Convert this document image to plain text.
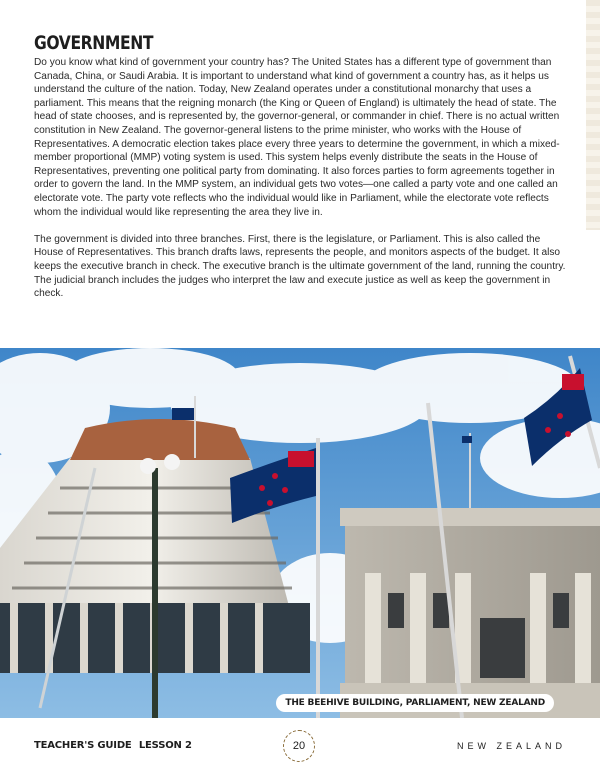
GOVERNMENT

Do you know what kind of government your country has? The United States has a different type of government than Canada, China, or Saudi Arabia. It is important to understand what kind of government a country has, as it helps us understand the culture of the nation. Today, New Zealand operates under a constitutional monarchy that uses a parliament. This means that the reigning monarch (the King or Queen of England) is ultimately the head of state. The head of state chooses, and is represented by, the governor-general, or commander in chief. There is no actual written constitution in New Zealand. The governor-general listens to the prime minister, who works with the House of Representatives. A democratic election takes place every three years to determine the government, in which a mixed-member proportional (MMP) voting system is used. This system helps evenly distribute the seats in the House of Representatives, preventing one political party from dominating. It also forces parties to form agreements together in order to govern the land. In the MMP system, an individual gets two votes—one called a party vote and one called an electorate vote. The party vote reflects who the individual would like in Parliament, while the electorate vote reflects whom the individual would like representing the area they live in.

The government is divided into three branches. First, there is the legislature, or Parliament. This is also called the House of Representatives. This branch drafts laws, represents the people, and monitors aspects of the budget. It also keeps the executive branch in check. The executive branch is the ultimate government of the land, running the country. The judicial branch includes the judges who interpret the law and execute justice as well as keep the government in check.

THE BEEHIVE BUILDING, PARLIAMENT, NEW ZEALAND
TEACHER'S GUIDE LESSON 2	20	NEW ZEALAND
